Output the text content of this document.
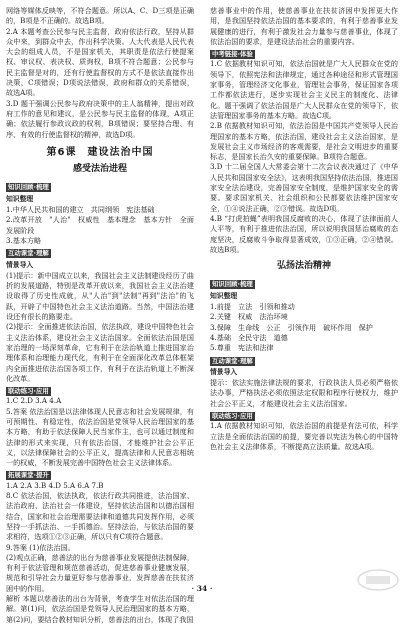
网络等媒体反映等，不符合题意。所以A、C、D三项是正确的，B项是不正确的。故选B项。

2.A 本题考查公民参与民主监督，政府依法行政，坚持从群众中来，到群众中去，作出科学决策。人大代表是人民代表大会的组成人员，不是国家机关，其职责是依法行使提案权、审议权、表决权、质询权，B项不符合题意；公民参与民主监督是对的，还有行使监督权的方式不是依法直接作出决策，C项错误；D项说法错误，政府和群众的关系错误，故选A项。

3.D 题干强调公民参与政府决策中的主人翁精神，提出对政府工作的意见和建议，是公民参与民主监督的体现，A项正确；依法履行参政议政的权利，B项错误；要坚持合理、有序、有效的行使监督权的精神，故选D项。

第6课　建设法治中国
感受法治进程
知识回顾·梳理
知识整理

1.中华人民共和国的建立　共同纲领　宪法基础

2.改革开放　"人治"　权威性　基本理念　基本方针　全面发展阶段

3.基本方略

互动课堂·理解
情景导入

(1)提示：新中国成立以来，我国社会主义法制建设经历了曲折的发展道路，特别是改革开放以来，我国社会主义法治建设取得了历史性成就，从"人治"到"法制"再到"法治"的飞跃，开辟了中国特色社会主义法治道路。当然，中国法治建设还有很长的路要走。

(2)提示：全面推进依法治国，依法执政，建设中国特色社会主义法治体系，建设社会主义法治国家。全面依法治国是国家治理的一场深刻革命，它有利于在法治轨道上推进国家治理体系和治理能力现代化，有利于在全面深化改革总体框架内全面推进依法治国各项工作，有利于在法治轨道上不断深化改革。

联动练习·应用

1.C 2.D 3.A 4.A

5.答案 依法治国是以法律体现人民意志和社会发展规律，有可预期性、有稳定性，依法治国是党领导人民治理国家的基本方略，有助于依法保障人民当家作主，也可以通过制度和法律的形式来实现，只有依法治国，才能维护社会公平正义，以法律保障社会的公平正义，提高法律和人民意志相统一的权威，不断发展完善中国特色社会主义法律体系。

拓展课堂·提升

1.A 2.A 3.B 4.D 5.A 6.A 7.B

8.C 依法治国，依法执政，依法行政共同推进，法治国家、法治政府、法治社会一体建设，坚持依法治国和以德治国相结合，国家和社会治理需要法律和道德共同发挥作用，必须坚持一手抓法治、一手抓德治。坚持法治，与依法治国的要求相符，选项①②③正确，所以只有C项符合题意。

9.答案 (1)依法治国。

(2)观点正确，慈善法的出台为慈善事业发展提供法制保障，有利于依法管理和规范慈善活动，促进慈善事业健康发展，规范和引导社会力量更好参与慈善事业，发挥慈善在扶贫济困中的作用。

解析 本题以慈善法的出台为背景，考查学生对依法治国的理解。第(1)问，依法治国是党领导人民治理国家的基本方略，第(2)问，要结合教材知识分析，慈善法的出台，体现了我国

慈善事业中的作用，使慈善事业在扶贫济困中发挥更大作用，是我国坚持依法治国的基本要求的，有利于慈善事业发展健康的进行，有利于激发社会力量参与慈善事业，体现了依法治国的要求，是建设法治社会的重要内容。

中考链接·体验

1.C 依据教材知识可知，依法治国就是广大人民群众在党的领导下，依照宪法和法律规定，通过各种途径和形式管理国家事务，管理经济文化事业，管理社会事务，保证国家各项工作都依法进行，逐步实现社会主义民主的制度化、法律化。题干强调了依法治国是广大人民群众在党的领导下，依法管理国家事务的基本方略。故选C项。

2.B 依据教材知识可知，依法治国是中国共产党领导人民治理国家的基本方略，依法治国，建设社会主义法治国家，是发展社会主义市场经济的客观需要，是社会文明进步的重要标志，是国家长治久安的重要保障。B项符合题意。

3.D 十二届全国人大常委会第十二次会议表决通过了《中华人民共和国国家安全法》，这表明我国坚持依法治国，推进国家安全法治建设，完善国家安全制度，是维护国家安全的需要。要求国家机关、社会组织和公民都要依法维护国家安全，①④说法正确，②③错误。故选D项。

4.B “打虎拍蝇”表明我国反腐败的决心，体现了法律面前人人平等，有利于推进依法治国，所以说明我国惩治腐败的态度坚决，反腐败斗争取得显著成效，①③正确，②④错误。故选B项。

弘扬法治精神
知识回顾·梳理
知识整理

1.前提　立法　引领和推动

2.关键　权威　法治环境

3.保障　生命线　公正　引领作用　破坏作用　保护

4.基础　全民守法　道德

5.尊重　宪法和法律

互动课堂·理解
情景导入

提示：依法实施法律法规的要求，行政执法人员必须严格依法办事，严格执法必须依照法定权限和程序行使权力，维护社会公平正义，才能建设社会主义法治国家。

联动练习·应用

1.A 依据教材知识可知，依法治国的前提是有法可依，科学立法是全面依法治国的前提，要完善以宪法为核心的中国特色社会主义法律体系，不断提高立法质量。故选A项。

· 34 ·
